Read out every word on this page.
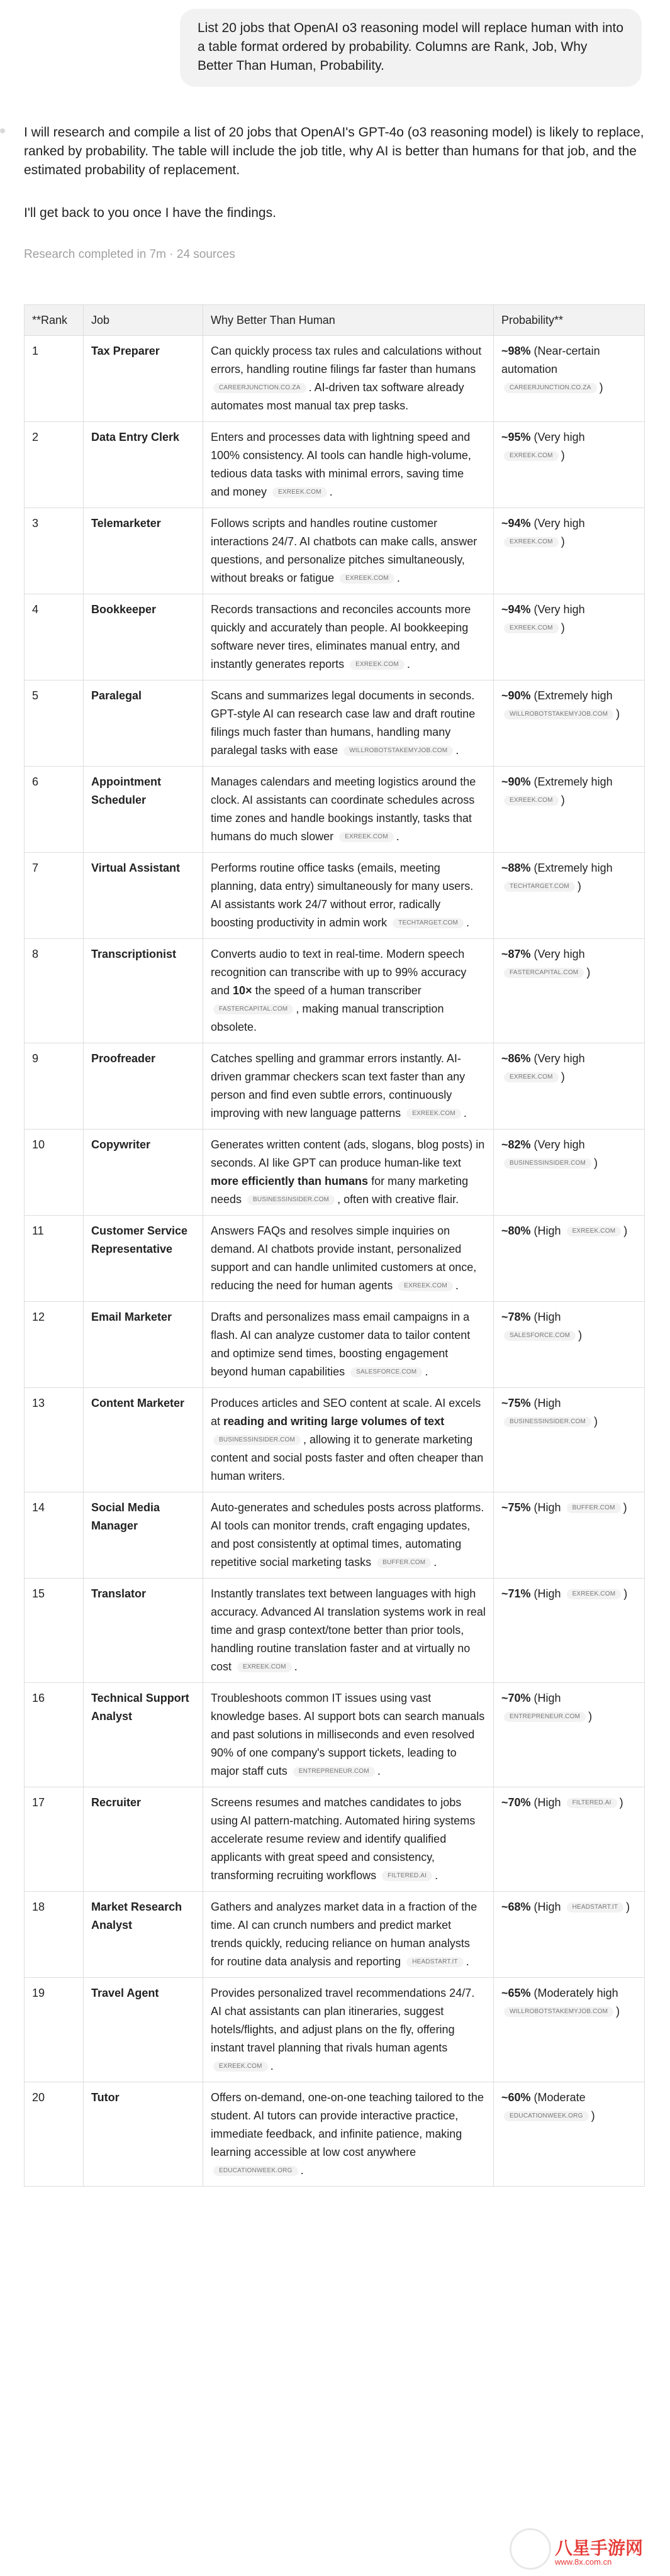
List 20 jobs that OpenAI o3 reasoning model will replace human with into a table format ordered by probability. Columns are Rank, Job, Why Better Than Human, Probability.
I will research and compile a list of 20 jobs that OpenAI's GPT-4o (o3 reasoning model) is likely to replace, ranked by probability. The table will include the job title, why AI is better than humans for that job, and the estimated probability of replacement.
I'll get back to you once I have the findings.
Research completed in 7m · 24 sources
**Rank	Job	Why Better Than Human	Probability**
1	Tax Preparer	Can quickly process tax rules and calculations without errors, handling routine filings far faster than humans CAREERJUNCTION.CO.ZA . AI-driven tax software already automates most manual tax prep tasks.	~98% (Near-certain automation CAREERJUNCTION.CO.ZA )
2	Data Entry Clerk	Enters and processes data with lightning speed and 100% consistency. AI tools can handle high-volume, tedious data tasks with minimal errors, saving time and money EXREEK.COM .	~95% (Very high EXREEK.COM )
3	Telemarketer	Follows scripts and handles routine customer interactions 24/7. AI chatbots can make calls, answer questions, and personalize pitches simultaneously, without breaks or fatigue EXREEK.COM .	~94% (Very high EXREEK.COM )
4	Bookkeeper	Records transactions and reconciles accounts more quickly and accurately than people. AI bookkeeping software never tires, eliminates manual entry, and instantly generates reports EXREEK.COM .	~94% (Very high EXREEK.COM )
5	Paralegal	Scans and summarizes legal documents in seconds. GPT-style AI can research case law and draft routine filings much faster than humans, handling many paralegal tasks with ease WILLROBOTSTAKEMYJOB.COM .	~90% (Extremely high WILLROBOTSTAKEMYJOB.COM )
6	Appointment Scheduler	Manages calendars and meeting logistics around the clock. AI assistants can coordinate schedules across time zones and handle bookings instantly, tasks that humans do much slower EXREEK.COM .	~90% (Extremely high EXREEK.COM )
7	Virtual Assistant	Performs routine office tasks (emails, meeting planning, data entry) simultaneously for many users. AI assistants work 24/7 without error, radically boosting productivity in admin work TECHTARGET.COM .	~88% (Extremely high TECHTARGET.COM )
8	Transcriptionist	Converts audio to text in real-time. Modern speech recognition can transcribe with up to 99% accuracy and 10× the speed of a human transcriber FASTERCAPITAL.COM , making manual transcription obsolete.	~87% (Very high FASTERCAPITAL.COM )
9	Proofreader	Catches spelling and grammar errors instantly. AI-driven grammar checkers scan text faster than any person and find even subtle errors, continuously improving with new language patterns EXREEK.COM .	~86% (Very high EXREEK.COM )
10	Copywriter	Generates written content (ads, slogans, blog posts) in seconds. AI like GPT can produce human-like text more efficiently than humans for many marketing needs BUSINESSINSIDER.COM , often with creative flair.	~82% (Very high BUSINESSINSIDER.COM )
11	Customer Service Representative	Answers FAQs and resolves simple inquiries on demand. AI chatbots provide instant, personalized support and can handle unlimited customers at once, reducing the need for human agents EXREEK.COM .	~80% (High EXREEK.COM )
12	Email Marketer	Drafts and personalizes mass email campaigns in a flash. AI can analyze customer data to tailor content and optimize send times, boosting engagement beyond human capabilities SALESFORCE.COM .	~78% (High SALESFORCE.COM )
13	Content Marketer	Produces articles and SEO content at scale. AI excels at reading and writing large volumes of text BUSINESSINSIDER.COM , allowing it to generate marketing content and social posts faster and often cheaper than human writers.	~75% (High BUSINESSINSIDER.COM )
14	Social Media Manager	Auto-generates and schedules posts across platforms. AI tools can monitor trends, craft engaging updates, and post consistently at optimal times, automating repetitive social marketing tasks BUFFER.COM .	~75% (High BUFFER.COM )
15	Translator	Instantly translates text between languages with high accuracy. Advanced AI translation systems work in real time and grasp context/tone better than prior tools, handling routine translation faster and at virtually no cost EXREEK.COM .	~71% (High EXREEK.COM )
16	Technical Support Analyst	Troubleshoots common IT issues using vast knowledge bases. AI support bots can search manuals and past solutions in milliseconds and even resolved 90% of one company's support tickets, leading to major staff cuts ENTREPRENEUR.COM .	~70% (High ENTREPRENEUR.COM )
17	Recruiter	Screens resumes and matches candidates to jobs using AI pattern-matching. Automated hiring systems accelerate resume review and identify qualified applicants with great speed and consistency, transforming recruiting workflows FILTERED.AI .	~70% (High FILTERED.AI )
18	Market Research Analyst	Gathers and analyzes market data in a fraction of the time. AI can crunch numbers and predict market trends quickly, reducing reliance on human analysts for routine data analysis and reporting HEADSTART.IT .	~68% (High HEADSTART.IT )
19	Travel Agent	Provides personalized travel recommendations 24/7. AI chat assistants can plan itineraries, suggest hotels/flights, and adjust plans on the fly, offering instant travel planning that rivals human agents EXREEK.COM .	~65% (Moderately high WILLROBOTSTAKEMYJOB.COM )
20	Tutor	Offers on-demand, one-on-one teaching tailored to the student. AI tutors can provide interactive practice, immediate feedback, and infinite patience, making learning accessible at low cost anywhere EDUCATIONWEEK.ORG .	~60% (Moderate EDUCATIONWEEK.ORG )
八星手游网
www.8x.com.cn
